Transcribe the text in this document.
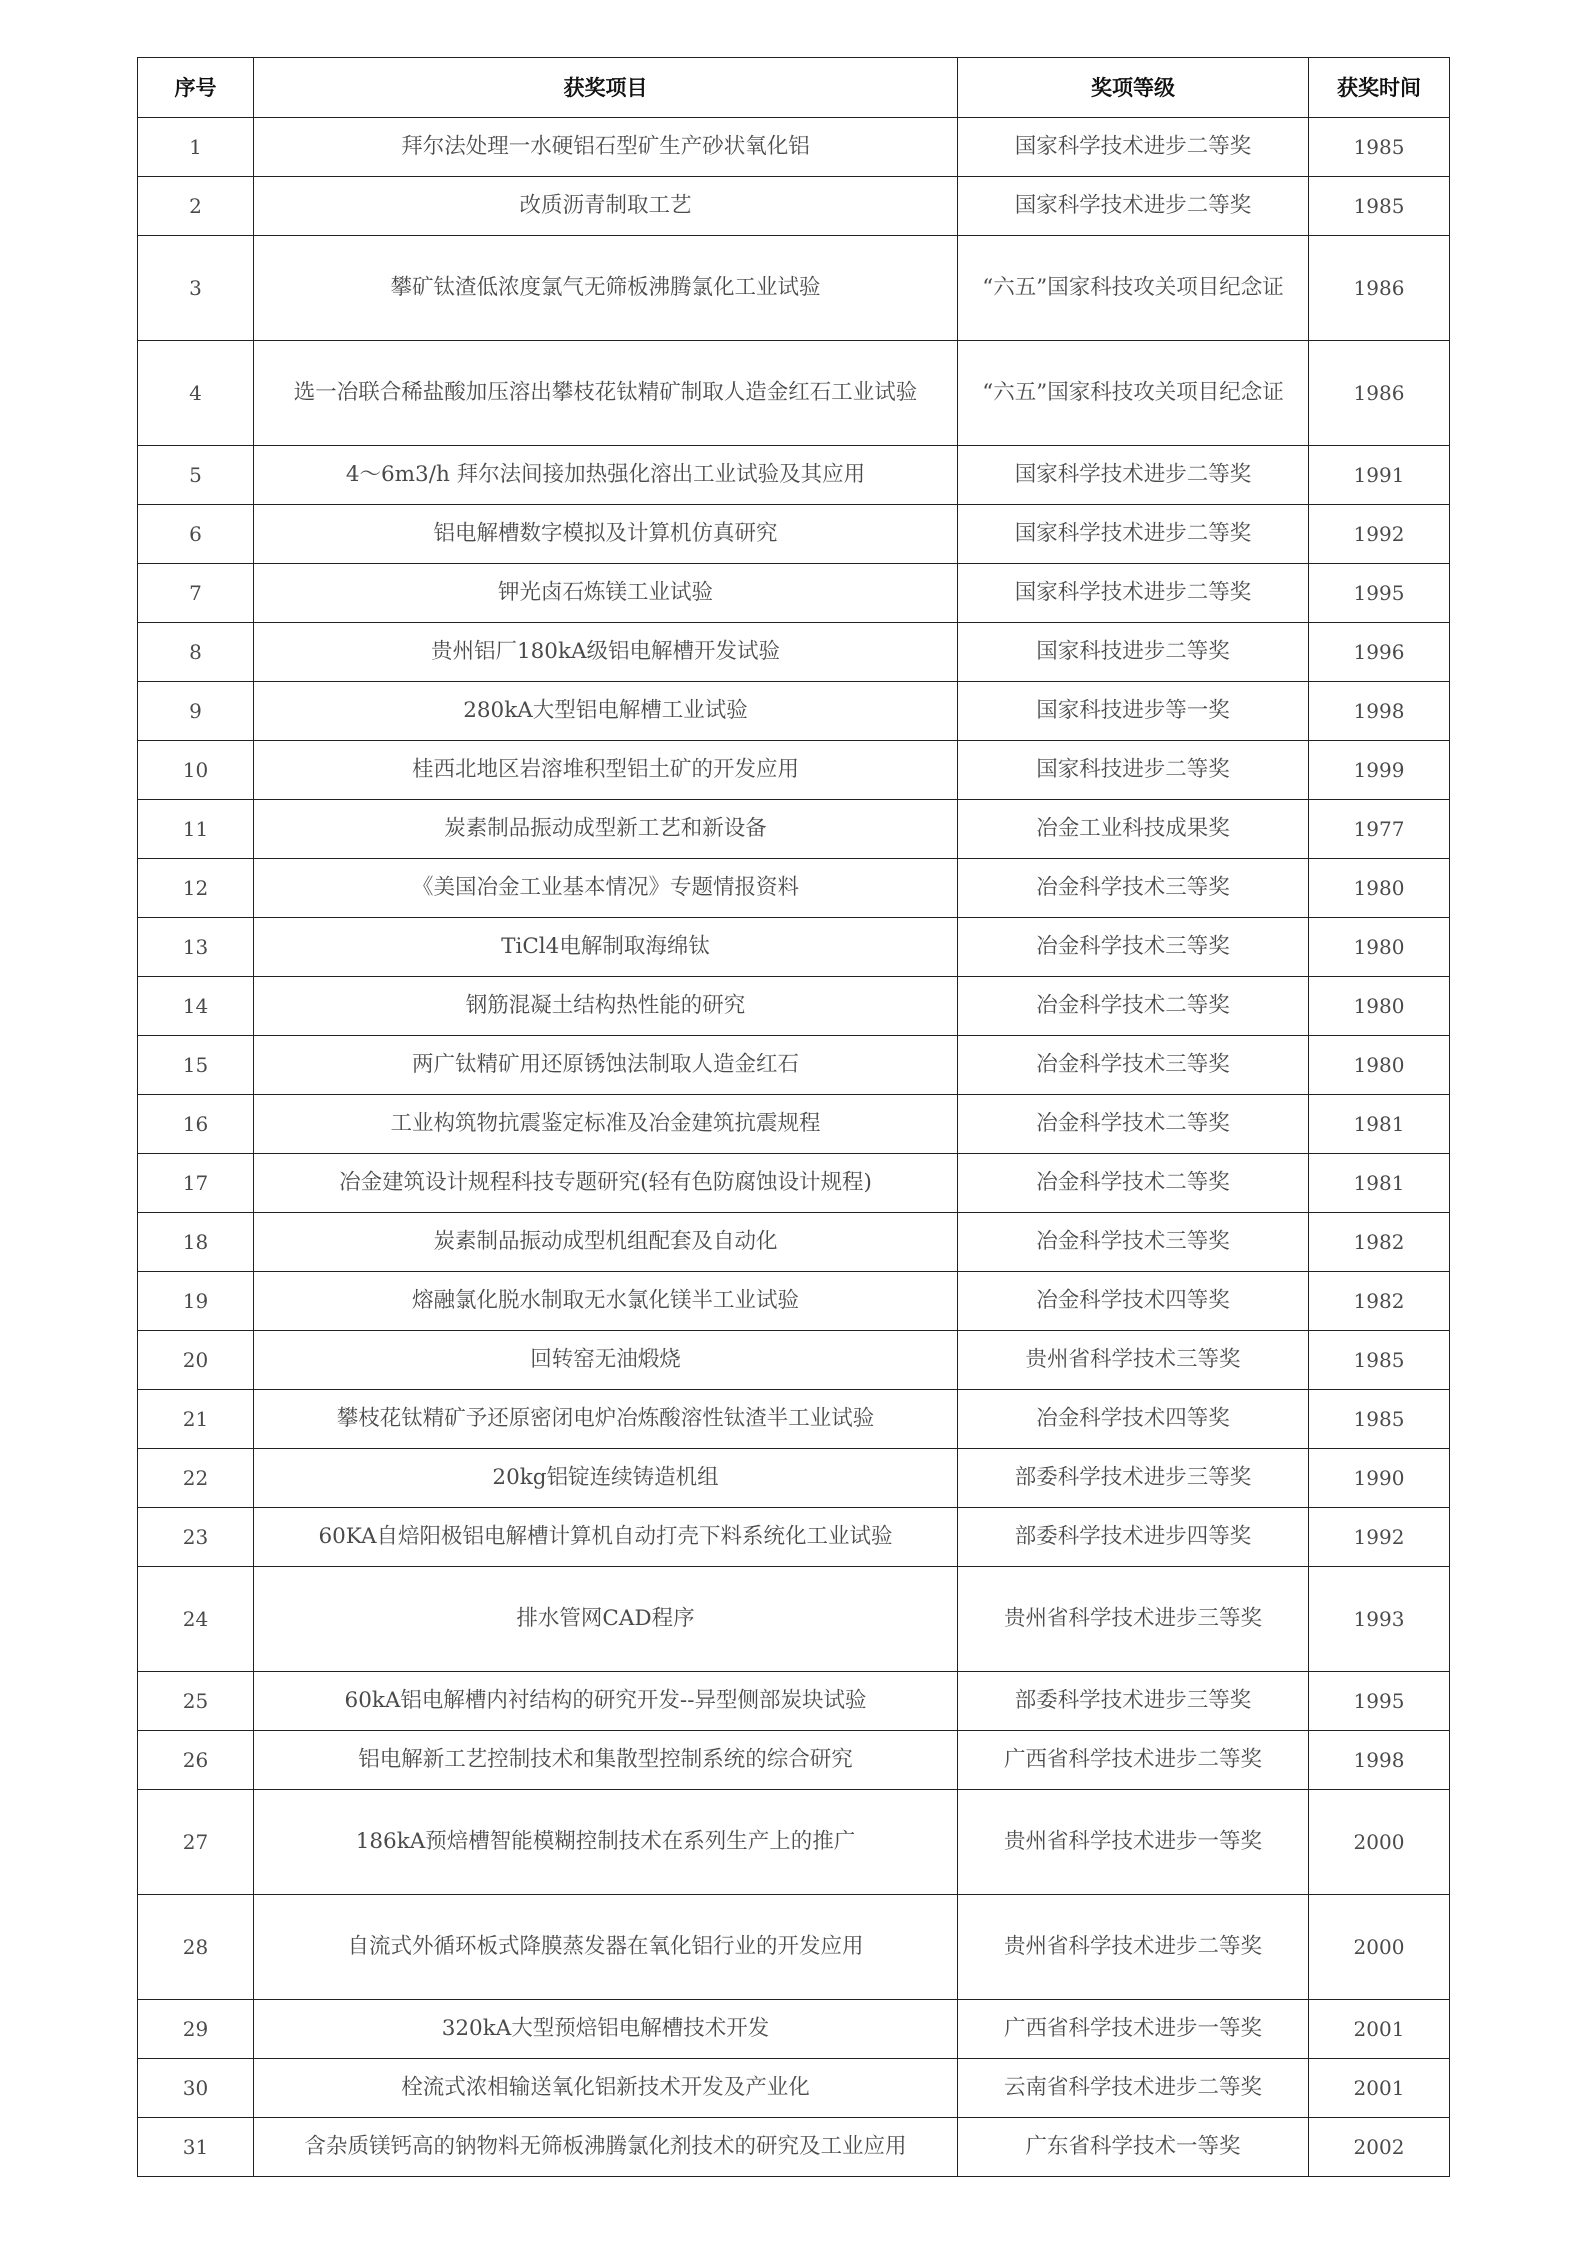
序号	获奖项目	奖项等级	获奖时间
1	拜尔法处理一水硬铝石型矿生产砂状氧化铝	国家科学技术进步二等奖	1985
2	改质沥青制取工艺	国家科学技术进步二等奖	1985
3	攀矿钛渣低浓度氯气无筛板沸腾氯化工业试验	“六五”国家科技攻关项目纪念证	1986
4	选一冶联合稀盐酸加压溶出攀枝花钛精矿制取人造金红石工业试验	“六五”国家科技攻关项目纪念证	1986
5	4～6m3/h 拜尔法间接加热强化溶出工业试验及其应用	国家科学技术进步二等奖	1991
6	铝电解槽数字模拟及计算机仿真研究	国家科学技术进步二等奖	1992
7	钾光卤石炼镁工业试验	国家科学技术进步二等奖	1995
8	贵州铝厂180kA级铝电解槽开发试验	国家科技进步二等奖	1996
9	280kA大型铝电解槽工业试验	国家科技进步等一奖	1998
10	桂西北地区岩溶堆积型铝土矿的开发应用	国家科技进步二等奖	1999
11	炭素制品振动成型新工艺和新设备	冶金工业科技成果奖	1977
12	《美国冶金工业基本情况》专题情报资料	冶金科学技术三等奖	1980
13	TiCl4电解制取海绵钛	冶金科学技术三等奖	1980
14	钢筋混凝土结构热性能的研究	冶金科学技术二等奖	1980
15	两广钛精矿用还原锈蚀法制取人造金红石	冶金科学技术三等奖	1980
16	工业构筑物抗震鉴定标准及冶金建筑抗震规程	冶金科学技术二等奖	1981
17	冶金建筑设计规程科技专题研究(轻有色防腐蚀设计规程)	冶金科学技术二等奖	1981
18	炭素制品振动成型机组配套及自动化	冶金科学技术三等奖	1982
19	熔融氯化脱水制取无水氯化镁半工业试验	冶金科学技术四等奖	1982
20	回转窑无油煅烧	贵州省科学技术三等奖	1985
21	攀枝花钛精矿予还原密闭电炉冶炼酸溶性钛渣半工业试验	冶金科学技术四等奖	1985
22	20kg铝锭连续铸造机组	部委科学技术进步三等奖	1990
23	60KA自焙阳极铝电解槽计算机自动打壳下料系统化工业试验	部委科学技术进步四等奖	1992
24	排水管网CAD程序	贵州省科学技术进步三等奖	1993
25	60kA铝电解槽内衬结构的研究开发--异型侧部炭块试验	部委科学技术进步三等奖	1995
26	铝电解新工艺控制技术和集散型控制系统的综合研究	广西省科学技术进步二等奖	1998
27	186kA预焙槽智能模糊控制技术在系列生产上的推广	贵州省科学技术进步一等奖	2000
28	自流式外循环板式降膜蒸发器在氧化铝行业的开发应用	贵州省科学技术进步二等奖	2000
29	320kA大型预焙铝电解槽技术开发	广西省科学技术进步一等奖	2001
30	栓流式浓相输送氧化铝新技术开发及产业化	云南省科学技术进步二等奖	2001
31	含杂质镁钙高的钠物料无筛板沸腾氯化剂技术的研究及工业应用	广东省科学技术一等奖	2002
